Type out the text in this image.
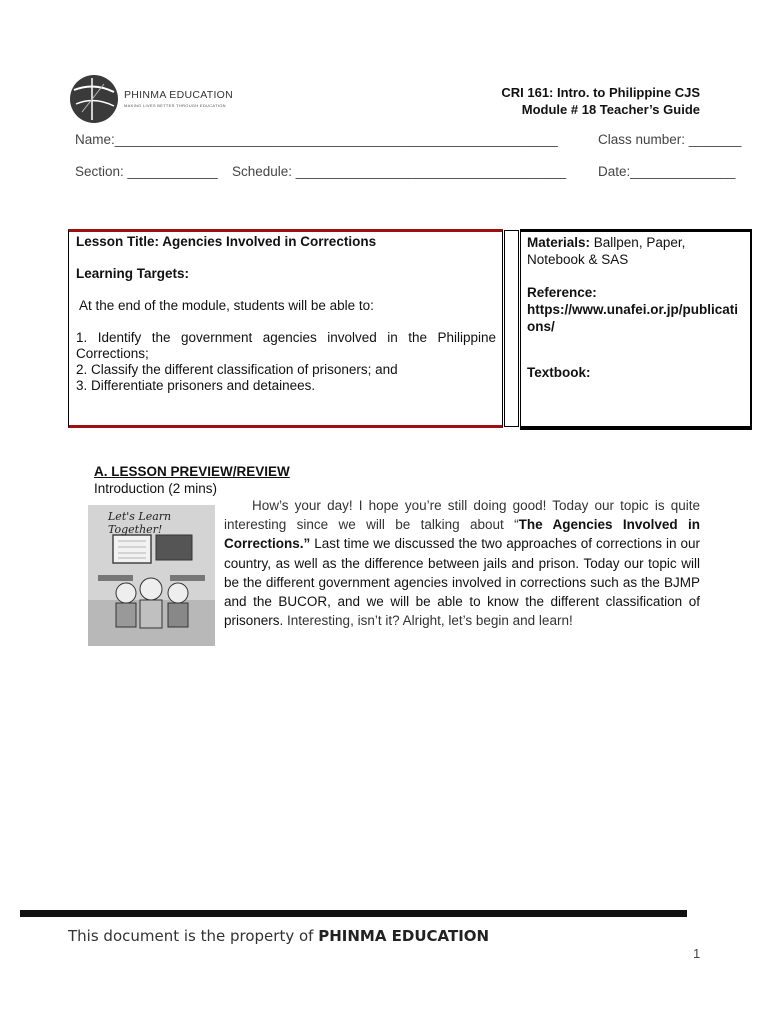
PHINMA EDUCATION
MAKING LIVES BETTER THROUGH EDUCATION
CRI 161: Intro. to Philippine CJS
Module # 18 Teacher’s Guide
Name:___________________________________________________________	Class number: _______
Section: ____________ Schedule: ____________________________________ Date:______________

Lesson Title: Agencies Involved in Corrections

Learning Targets:

At the end of the module, students will be able to:

1. Identify the government agencies involved in the Philippine Corrections;

2. Classify the different classification of prisoners; and

3. Differentiate prisoners and detainees.

Materials: Ballpen, Paper, Notebook & SAS

Reference:

https://www.unafei.or.jp/publications/

Textbook:

A. LESSON PREVIEW/REVIEW
Introduction (2 mins)
Let's Learn Together!
How’s your day! I hope you’re still doing good! Today our topic is quite interesting since we will be talking about “The Agencies Involved in Corrections.” Last time we discussed the two approaches of corrections in our country, as well as the difference between jails and prison. Today our topic will be the different government agencies involved in corrections such as the BJMP and the BUCOR, and we will be able to know the different classification of prisoners. Interesting, isn’t it? Alright, let’s begin and learn!
This document is the property of PHINMA EDUCATION
1
